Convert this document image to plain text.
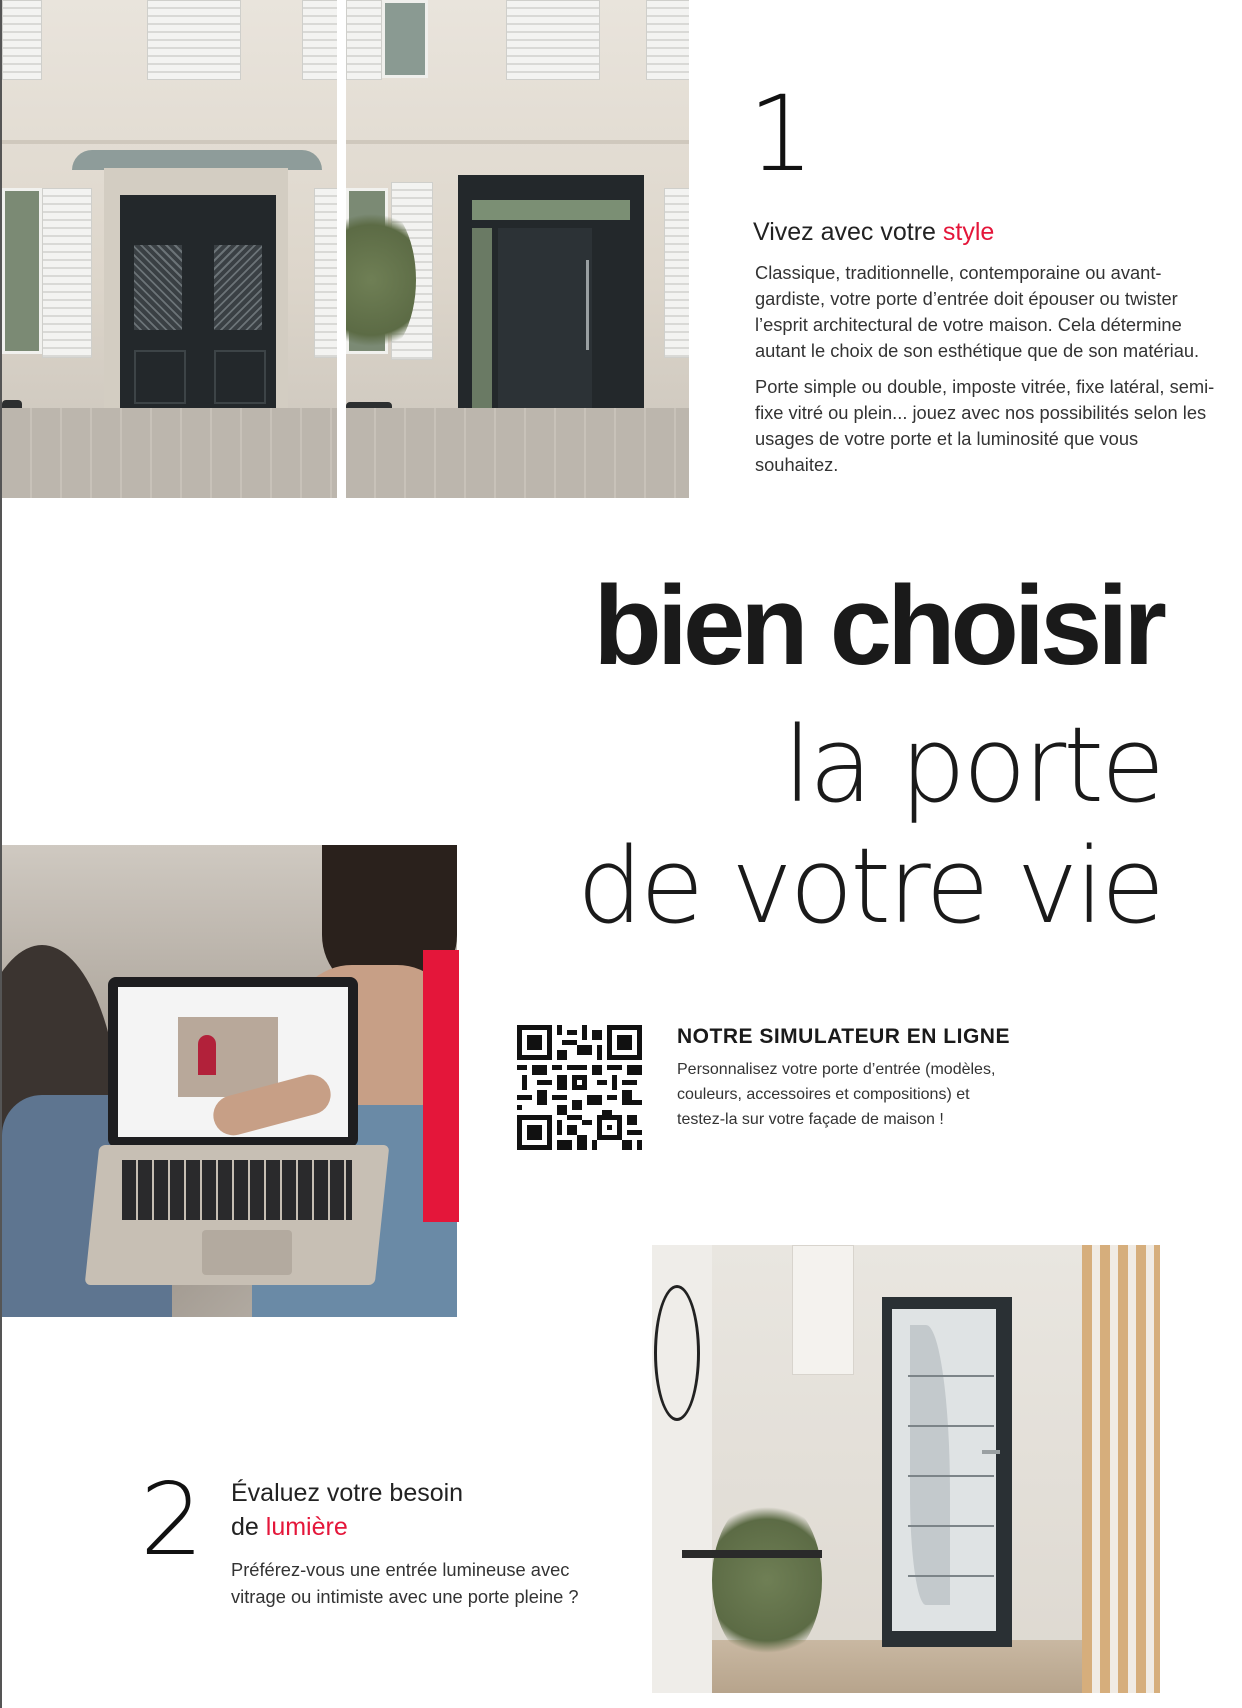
1
Vivez avec votre style

Classique, traditionnelle, contemporaine ou avant-gardiste, votre porte d’entrée doit épouser ou twister l’esprit architectural de votre maison. Cela détermine autant le choix de son esthétique que de son matériau.

Porte simple ou double, imposte vitrée, fixe latéral, semi-fixe vitré ou plein... jouez avec nos possibilités selon les usages de votre porte et la luminosité que vous souhaitez.

bien choisir
la porte
de votre vie
NOTRE SIMULATEUR EN LIGNE
Personnalisez votre porte d’entrée (modèles, couleurs, accessoires et compositions) et testez-la sur votre façade de maison !
2 Évaluez votre besoin
de lumière
Préférez-vous une entrée lumineuse avec vitrage ou intimiste avec une porte pleine ?
